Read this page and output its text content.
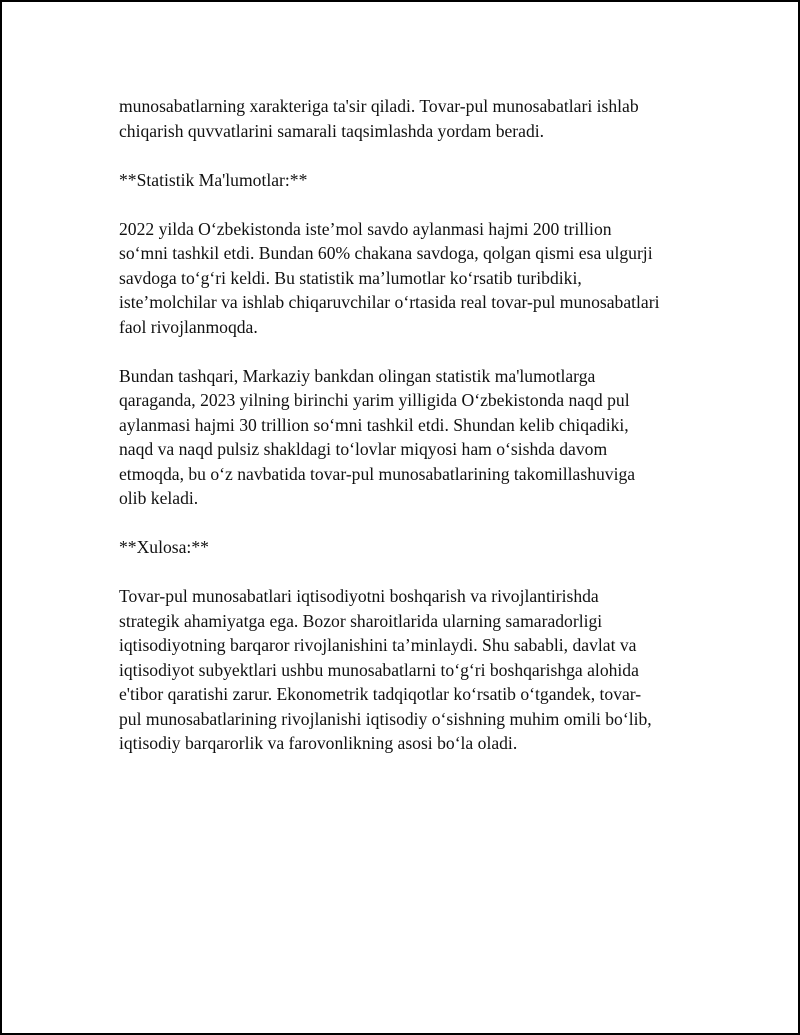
munosabatlarning xarakteriga ta'sir qiladi. Tovar-pul munosabatlari ishlab
chiqarish quvvatlarini samarali taqsimlashda yordam beradi.

**Statistik Ma'lumotlar:**

2022 yilda O‘zbekistonda iste’mol savdo aylanmasi hajmi 200 trillion
so‘mni tashkil etdi. Bundan 60% chakana savdoga, qolgan qismi esa ulgurji
savdoga to‘g‘ri keldi. Bu statistik ma’lumotlar ko‘rsatib turibdiki,
iste’molchilar va ishlab chiqaruvchilar o‘rtasida real tovar-pul munosabatlari
faol rivojlanmoqda.

Bundan tashqari, Markaziy bankdan olingan statistik ma'lumotlarga
qaraganda, 2023 yilning birinchi yarim yilligida O‘zbekistonda naqd pul
aylanmasi hajmi 30 trillion so‘mni tashkil etdi. Shundan kelib chiqadiki,
naqd va naqd pulsiz shakldagi to‘lovlar miqyosi ham o‘sishda davom
etmoqda, bu o‘z navbatida tovar-pul munosabatlarining takomillashuviga
olib keladi.

**Xulosa:**

Tovar-pul munosabatlari iqtisodiyotni boshqarish va rivojlantirishda
strategik ahamiyatga ega. Bozor sharoitlarida ularning samaradorligi
iqtisodiyotning barqaror rivojlanishini ta’minlaydi. Shu sababli, davlat va
iqtisodiyot subyektlari ushbu munosabatlarni to‘g‘ri boshqarishga alohida
e'tibor qaratishi zarur. Ekonometrik tadqiqotlar ko‘rsatib o‘tgandek, tovar-
pul munosabatlarining rivojlanishi iqtisodiy o‘sishning muhim omili bo‘lib,
iqtisodiy barqarorlik va farovonlikning asosi bo‘la oladi.
